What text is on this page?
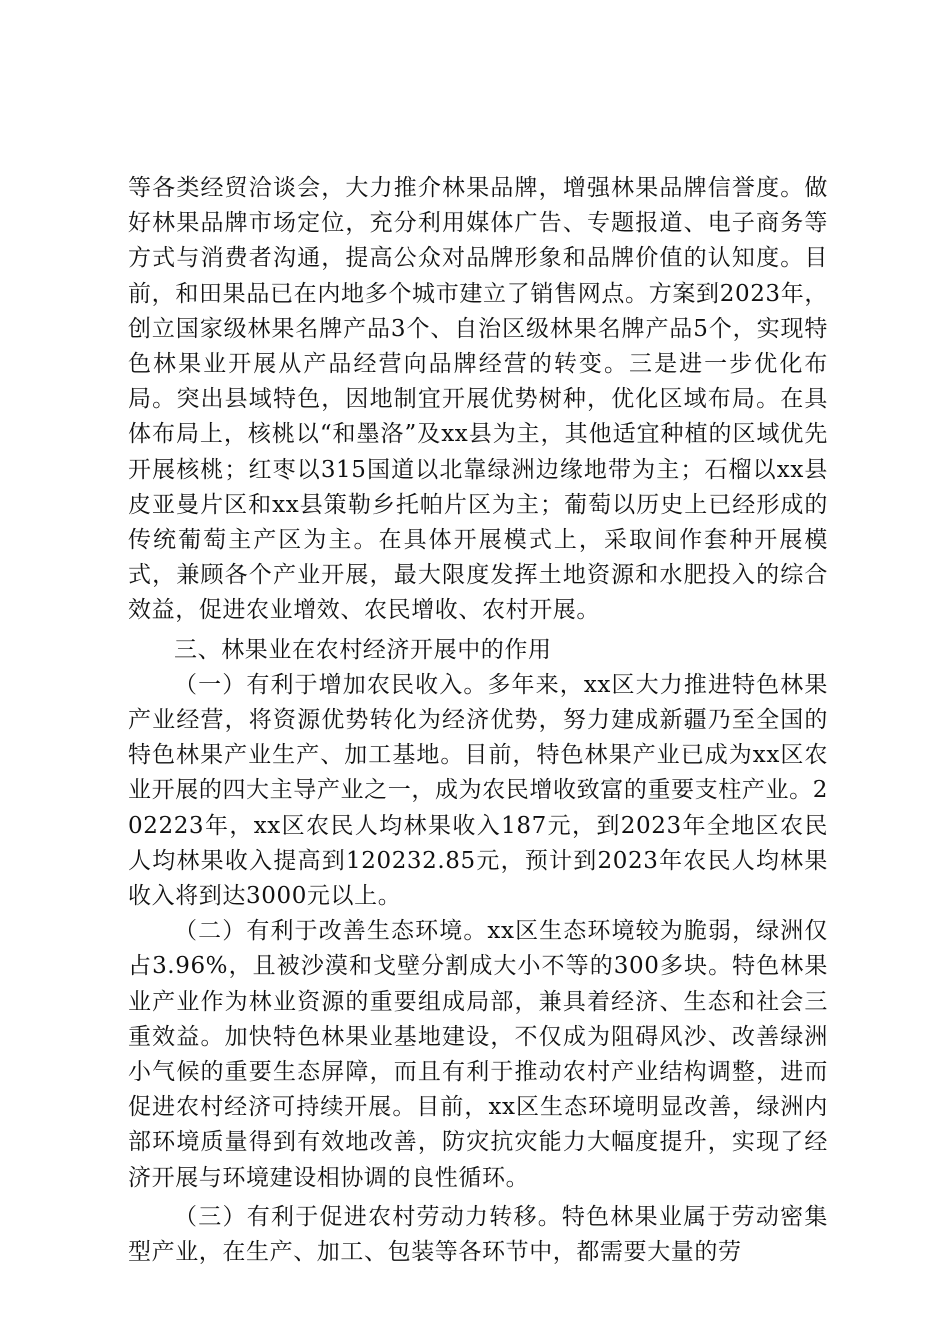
等各类经贸洽谈会，大力推介林果品牌，增强林果品牌信誉度。做好林果品牌市场定位，充分利用媒体广告、专题报道、电子商务等方式与消费者沟通，提高公众对品牌形象和品牌价值的认知度。目前，和田果品已在内地多个城市建立了销售网点。方案到2023年，创立国家级林果名牌产品3个、自治区级林果名牌产品5个，实现特色林果业开展从产品经营向品牌经营的转变。三是进一步优化布局。突出县域特色，因地制宜开展优势树种，优化区域布局。在具体布局上，核桃以“和墨洛”及xx县为主，其他适宜种植的区域优先开展核桃；红枣以315国道以北靠绿洲边缘地带为主；石榴以xx县皮亚曼片区和xx县策勒乡托帕片区为主；葡萄以历史上已经形成的传统葡萄主产区为主。在具体开展模式上，采取间作套种开展模式，兼顾各个产业开展，最大限度发挥土地资源和水肥投入的综合效益，促进农业增效、农民增收、农村开展。

三、林果业在农村经济开展中的作用

（一）有利于增加农民收入。多年来，xx区大力推进特色林果产业经营，将资源优势转化为经济优势，努力建成新疆乃至全国的特色林果产业生产、加工基地。目前，特色林果产业已成为xx区农业开展的四大主导产业之一，成为农民增收致富的重要支柱产业。202223年，xx区农民人均林果收入187元，到2023年全地区农民人均林果收入提高到120232.85元，预计到2023年农民人均林果收入将到达3000元以上。

（二）有利于改善生态环境。xx区生态环境较为脆弱，绿洲仅占3.96%，且被沙漠和戈壁分割成大小不等的300多块。特色林果业产业作为林业资源的重要组成局部，兼具着经济、生态和社会三重效益。加快特色林果业基地建设，不仅成为阻碍风沙、改善绿洲小气候的重要生态屏障，而且有利于推动农村产业结构调整，进而促进农村经济可持续开展。目前，xx区生态环境明显改善，绿洲内部环境质量得到有效地改善，防灾抗灾能力大幅度提升，实现了经济开展与环境建设相协调的良性循环。

（三）有利于促进农村劳动力转移。特色林果业属于劳动密集型产业，在生产、加工、包装等各环节中，都需要大量的劳
